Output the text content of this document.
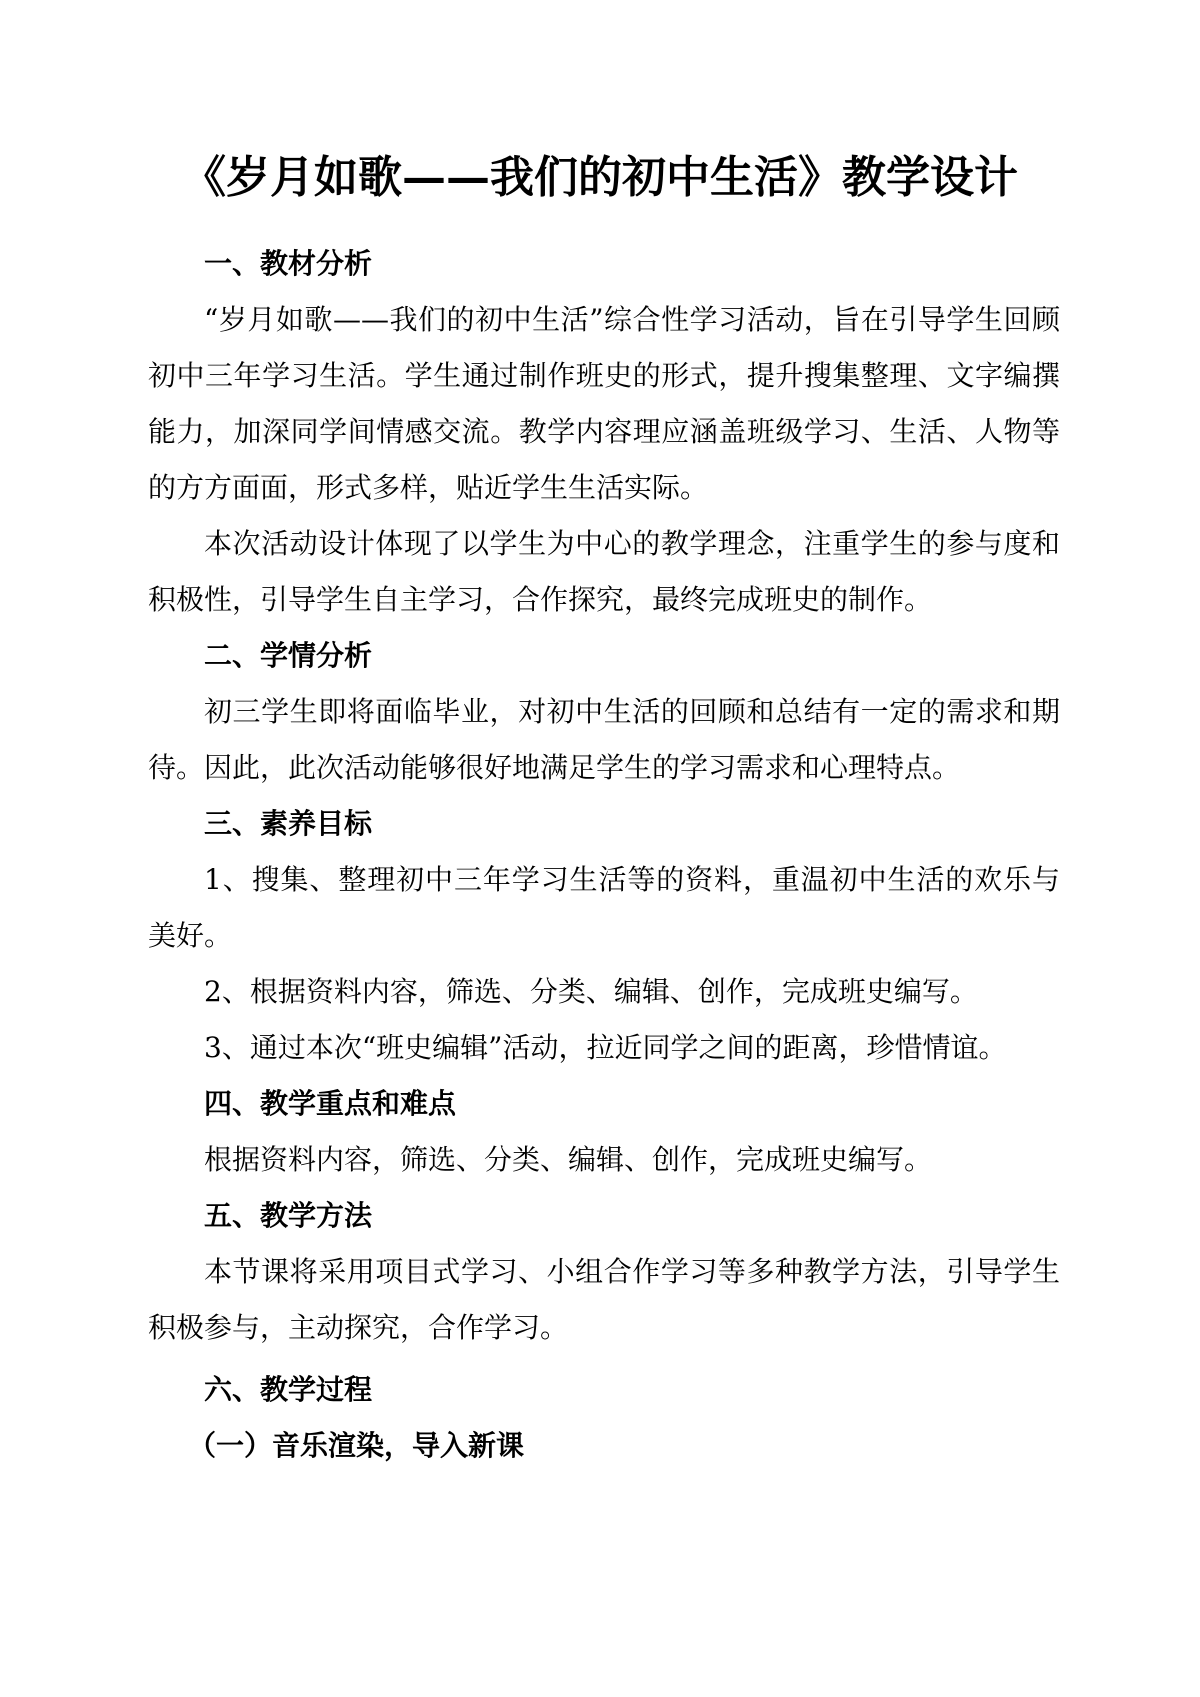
《岁月如歌——我们的初中生活》教学设计

一、教材分析

“岁月如歌——我们的初中生活”综合性学习活动，旨在引导学生回顾初中三年学习生活。学生通过制作班史的形式，提升搜集整理、文字编撰能力，加深同学间情感交流。教学内容理应涵盖班级学习、生活、人物等的方方面面，形式多样，贴近学生生活实际。

本次活动设计体现了以学生为中心的教学理念，注重学生的参与度和积极性，引导学生自主学习，合作探究，最终完成班史的制作。

二、学情分析

初三学生即将面临毕业，对初中生活的回顾和总结有一定的需求和期待。因此，此次活动能够很好地满足学生的学习需求和心理特点。

三、素养目标

1、搜集、整理初中三年学习生活等的资料，重温初中生活的欢乐与美好。

2、根据资料内容，筛选、分类、编辑、创作，完成班史编写。

3、通过本次“班史编辑”活动，拉近同学之间的距离，珍惜情谊。

四、教学重点和难点

根据资料内容，筛选、分类、编辑、创作，完成班史编写。

五、教学方法

本节课将采用项目式学习、小组合作学习等多种教学方法，引导学生积极参与，主动探究，合作学习。

六、教学过程

（一）音乐渲染，导入新课
